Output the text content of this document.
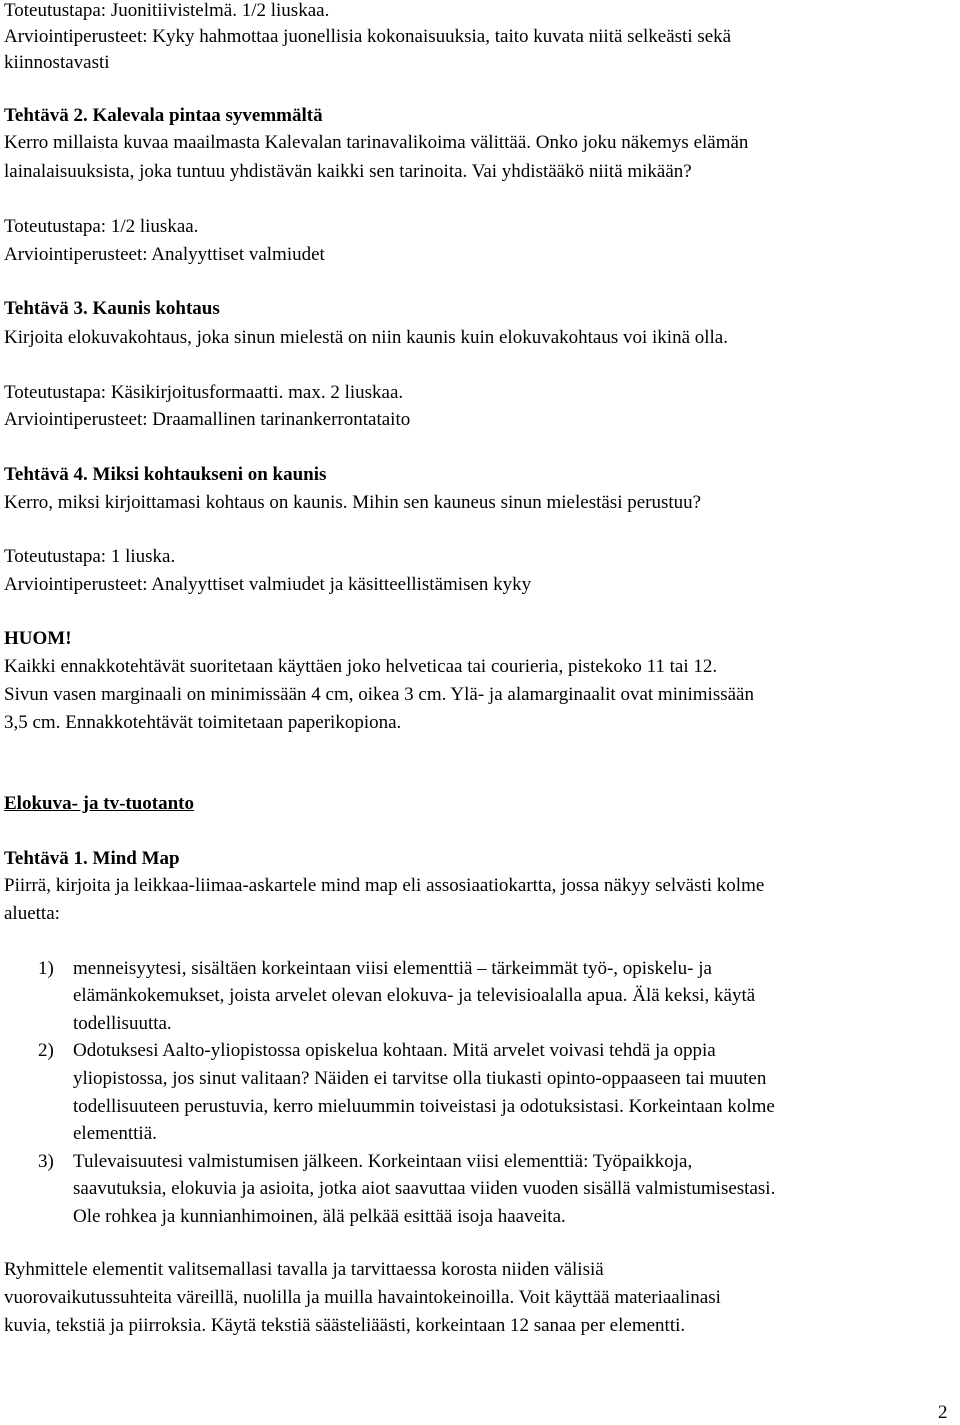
Toteutustapa: Juonitiivistelmä. 1/2 liuskaa.
Arviointiperusteet: Kyky hahmottaa juonellisia kokonaisuuksia, taito kuvata niitä selkeästi sekä
kiinnostavasti
Tehtävä 2. Kalevala pintaa syvemmältä
Kerro millaista kuvaa maailmasta Kalevalan tarinavalikoima välittää. Onko joku näkemys elämän
lainalaisuuksista, joka tuntuu yhdistävän kaikki sen tarinoita. Vai yhdistääkö niitä mikään?
Toteutustapa: 1/2 liuskaa.
Arviointiperusteet: Analyyttiset valmiudet
Tehtävä 3. Kaunis kohtaus
Kirjoita elokuvakohtaus, joka sinun mielestä on niin kaunis kuin elokuvakohtaus voi ikinä olla.
Toteutustapa: Käsikirjoitusformaatti. max. 2 liuskaa.
Arviointiperusteet: Draamallinen tarinankerrontataito
Tehtävä 4. Miksi kohtaukseni on kaunis
Kerro, miksi kirjoittamasi kohtaus on kaunis. Mihin sen kauneus sinun mielestäsi perustuu?
Toteutustapa: 1 liuska.
Arviointiperusteet: Analyyttiset valmiudet ja käsitteellistämisen kyky
HUOM!
Kaikki ennakkotehtävät suoritetaan käyttäen joko helveticaa tai courieria, pistekoko 11 tai 12.
Sivun vasen marginaali on minimissään 4 cm, oikea 3 cm. Ylä- ja alamarginaalit ovat minimissään
3,5 cm. Ennakkotehtävät toimitetaan paperikopiona.
Elokuva- ja tv-tuotanto
Tehtävä 1. Mind Map
Piirrä, kirjoita ja leikkaa-liimaa-askartele mind map eli assosiaatiokartta, jossa näkyy selvästi kolme
aluetta:
1) menneisyytesi, sisältäen korkeintaan viisi elementtiä – tärkeimmät työ-, opiskelu- ja
elämänkokemukset, joista arvelet olevan elokuva- ja televisioalalla apua. Älä keksi, käytä
todellisuutta.
2) Odotuksesi Aalto-yliopistossa opiskelua kohtaan. Mitä arvelet voivasi tehdä ja oppia
yliopistossa, jos sinut valitaan? Näiden ei tarvitse olla tiukasti opinto-oppaaseen tai muuten
todellisuuteen perustuvia, kerro mieluummin toiveistasi ja odotuksistasi. Korkeintaan kolme
elementtiä.
3) Tulevaisuutesi valmistumisen jälkeen. Korkeintaan viisi elementtiä: Työpaikkoja,
saavutuksia, elokuvia ja asioita, jotka aiot saavuttaa viiden vuoden sisällä valmistumisestasi.
Ole rohkea ja kunnianhimoinen, älä pelkää esittää isoja haaveita.
Ryhmittele elementit valitsemallasi tavalla ja tarvittaessa korosta niiden välisiä
vuorovaikutussuhteita väreillä, nuolilla ja muilla havaintokeinoilla. Voit käyttää materiaalinasi
kuvia, tekstiä ja piirroksia. Käytä tekstiä säästeliäästi, korkeintaan 12 sanaa per elementti.
2
